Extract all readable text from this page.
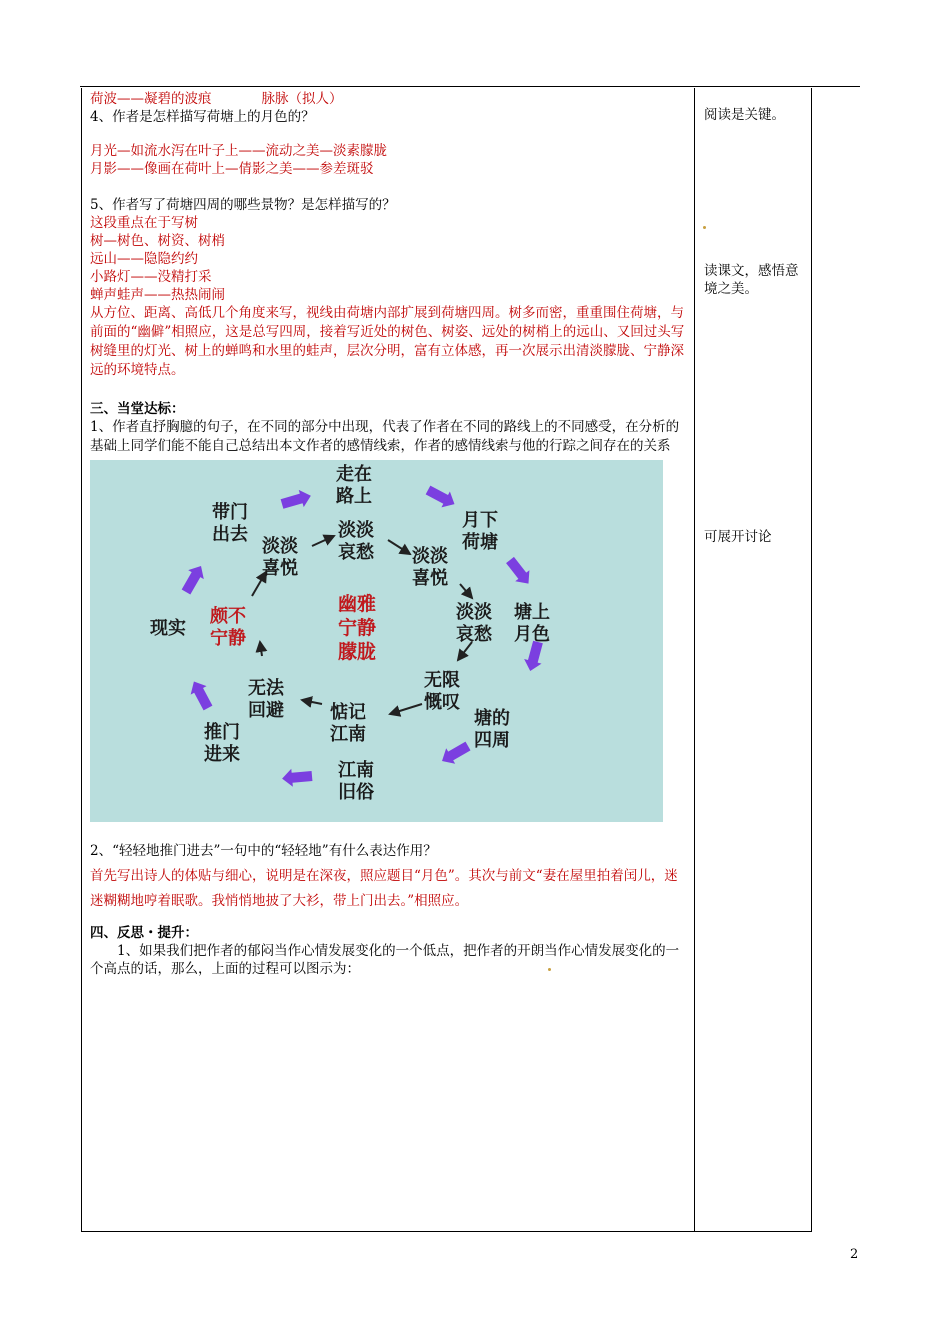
荷波——凝碧的波痕	脉脉（拟人）

4、作者是怎样描写荷塘上的月色的？

月光—如流水泻在叶子上——流动之美—淡素朦胧

月影——像画在荷叶上—倩影之美——参差斑驳

5、作者写了荷塘四周的哪些景物？是怎样描写的？

这段重点在于写树

树—树色、树资、树梢

远山——隐隐约约

小路灯——没精打采

蝉声蛙声——热热闹闹

从方位、距离、高低几个角度来写，视线由荷塘内部扩展到荷塘四周。树多而密，重重围住荷塘，与前面的“幽僻”相照应，这是总写四周，接着写近处的树色、树姿、远处的树梢上的远山、又回过头写树缝里的灯光、树上的蝉鸣和水里的蛙声，层次分明，富有立体感，再一次展示出清淡朦胧、宁静深远的环境特点。

三、当堂达标：

1、作者直抒胸臆的句子，在不同的部分中出现，代表了作者在不同的路线上的不同感受，在分析的基础上同学们能不能自己总结出本文作者的感情线索，作者的感情线索与他的行踪之间存在的关系

走在
路上
月下
荷塘
塘上
月色
塘的
四周
江南
旧俗
推门
进来
现实
带门
出去
淡淡
喜悦
淡淡
哀愁 淡淡
喜悦
淡淡
哀愁
无限
慨叹
惦记
江南
无法
回避
颇不
宁静
幽雅
宁静
朦胧

2、“轻轻地推门进去”一句中的“轻轻地”有什么表达作用？

首先写出诗人的体贴与细心，说明是在深夜，照应题目“月色”。其次与前文“妻在屋里拍着闰儿，迷迷糊糊地哼着眠歌。我悄悄地披了大衫，带上门出去。”相照应。

四、反思・提升：

1、如果我们把作者的郁闷当作心情发展变化的一个低点，把作者的开朗当作心情发展变化的一个高点的话，那么，上面的过程可以图示为：

阅读是关键。
读课文，感悟意境之美。
可展开讨论
2
